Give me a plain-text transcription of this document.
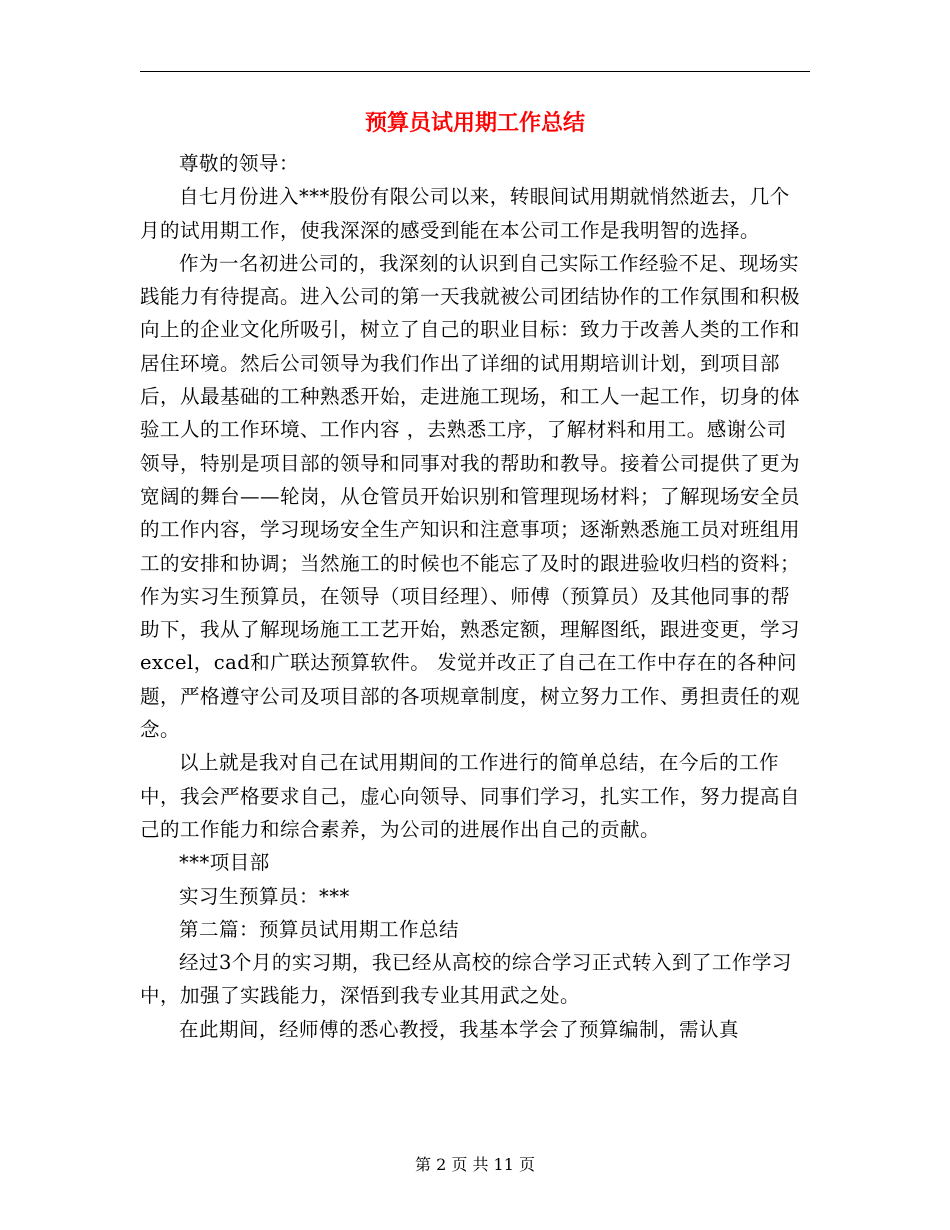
预算员试用期工作总结

尊敬的领导：

自七月份进入***股份有限公司以来，转眼间试用期就悄然逝去，几个月的试用期工作，使我深深的感受到能在本公司工作是我明智的选择。

作为一名初进公司的，我深刻的认识到自己实际工作经验不足、现场实践能力有待提高。进入公司的第一天我就被公司团结协作的工作氛围和积极向上的企业文化所吸引，树立了自己的职业目标：致力于改善人类的工作和居住环境。然后公司领导为我们作出了详细的试用期培训计划，到项目部后，从最基础的工种熟悉开始，走进施工现场，和工人一起工作，切身的体验工人的工作环境、工作内容 ，去熟悉工序，了解材料和用工。感谢公司领导，特别是项目部的领导和同事对我的帮助和教导。接着公司提供了更为宽阔的舞台——轮岗，从仓管员开始识别和管理现场材料；了解现场安全员的工作内容，学习现场安全生产知识和注意事项；逐渐熟悉施工员对班组用工的安排和协调；当然施工的时候也不能忘了及时的跟进验收归档的资料；作为实习生预算员，在领导（项目经理）、师傅（预算员）及其他同事的帮助下，我从了解现场施工工艺开始，熟悉定额，理解图纸，跟进变更，学习excel，cad和广联达预算软件。 发觉并改正了自己在工作中存在的各种问题，严格遵守公司及项目部的各项规章制度，树立努力工作、勇担责任的观念。

以上就是我对自己在试用期间的工作进行的简单总结，在今后的工作中，我会严格要求自己，虚心向领导、同事们学习，扎实工作，努力提高自己的工作能力和综合素养，为公司的进展作出自己的贡献。

***项目部

实习生预算员：***

第二篇：预算员试用期工作总结

经过3个月的实习期，我已经从高校的综合学习正式转入到了工作学习中，加强了实践能力，深悟到我专业其用武之处。

在此期间，经师傅的悉心教授，我基本学会了预算编制，需认真

第 2 页 共 11 页
